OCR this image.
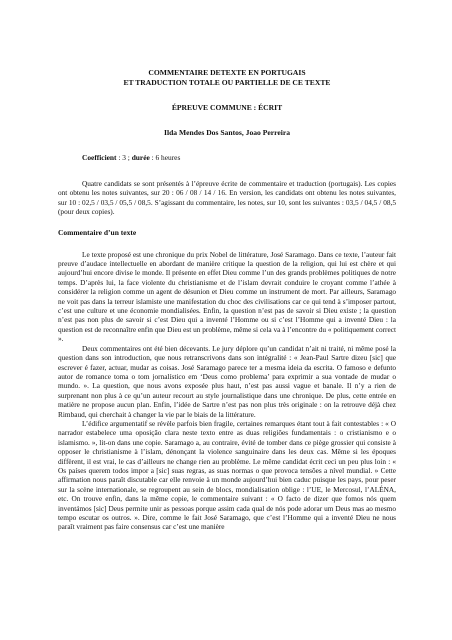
COMMENTAIRE DETEXTE EN PORTUGAIS

ET TRADUCTION TOTALE OU PARTIELLE DE CE TEXTE

ÉPREUVE COMMUNE : ÉCRIT

Ilda Mendes Dos Santos, Joao Perreira

Coefficient : 3 ; durée : 6 heures

Quatre candidats se sont présentés à l’épreuve écrite de commentaire et traduction (portugais). Les copies ont obtenu les notes suivantes, sur 20 : 06 / 08 / 14 / 16. En version, les candidats ont obtenu les notes suivantes, sur 10 : 02,5 / 03,5 / 05,5 / 08,5. S’agissant du commentaire, les notes, sur 10, sont les suivantes : 03,5 / 04,5 / 08,5 (pour deux copies).

Commentaire d’un texte

Le texte proposé est une chronique du prix Nobel de littérature, José Saramago. Dans ce texte, l’auteur fait preuve d’audace intellectuelle en abordant de manière critique la question de la religion, qui lui est chère et qui aujourd’hui encore divise le monde. Il présente en effet Dieu comme l’un des grands problèmes politiques de notre temps. D’après lui, la face violente du christianisme et de l’islam devrait conduire le croyant comme l’athée à considérer la religion comme un agent de désunion et Dieu comme un instrument de mort. Par ailleurs, Saramago ne voit pas dans la terreur islamiste une manifestation du choc des civilisations car ce qui tend à s’imposer partout, c’est une culture et une économie mondialisées. Enfin, la question n’est pas de savoir si Dieu existe ; la question n’est pas non plus de savoir si c’est Dieu qui a inventé l’Homme ou si c’est l’Homme qui a inventé Dieu : la question est de reconnaître enfin que Dieu est un problème, même si cela va à l’encontre du « politiquement correct ».

Deux commentaires ont été bien décevants. Le jury déplore qu’un candidat n’ait ni traité, ni même posé la question dans son introduction, que nous retranscrivons dans son intégralité : « Jean-Paul Sartre dizeu [sic] que escrever é fazer, actuar, mudar as coisas. José Saramago parece ter a mesma ideia da escrita. O famoso e defunto autor de romance toma o tom jornalístico em ‘Deus como problema’ para exprimir a sua vontade de mudar o mundo. ». La question, que nous avons exposée plus haut, n’est pas aussi vague et banale. Il n’y a rien de surprenant non plus à ce qu’un auteur recourt au style journalistique dans une chronique. De plus, cette entrée en matière ne propose aucun plan. Enfin, l’idée de Sartre n’est pas non plus très originale : on la retrouve déjà chez Rimbaud, qui cherchait à changer la vie par le biais de la littérature.

L’édifice argumentatif se révèle parfois bien fragile, certaines remarques étant tout à fait contestables : « O narrador estabelece uma oposição clara neste texto entre as duas religiões fundamentais : o cristianismo e o islamismo. », lit-on dans une copie. Saramago a, au contraire, évité de tomber dans ce piège grossier qui consiste à opposer le christianisme à l’islam, dénonçant la violence sanguinaire dans les deux cas. Même si les époques diffèrent, il est vrai, le cas d’ailleurs ne change rien au problème. Le même candidat écrit ceci un peu plus loin : « Os países querem todos impor a [sic] suas regras, as suas normas o que provoca tensões a nível mundial. » Cette affirmation nous paraît discutable car elle renvoie à un monde aujourd’hui bien caduc puisque les pays, pour peser sur la scène internationale, se regroupent au sein de blocs, mondialisation oblige : l’UE, le Mercosul, l’ALÉNA, etc. On trouve enfin, dans la même copie, le commentaire suivant : « O facto de dizer que fomos nós quem inventámos [sic] Deus permite unir as pessoas porque assim cada qual de nós pode adorar um Deus mas ao mesmo tempo escutar os outros. ». Dire, comme le fait José Saramago, que c’est l’Homme qui a inventé Dieu ne nous paraît vraiment pas faire consensus car c’est une manière
